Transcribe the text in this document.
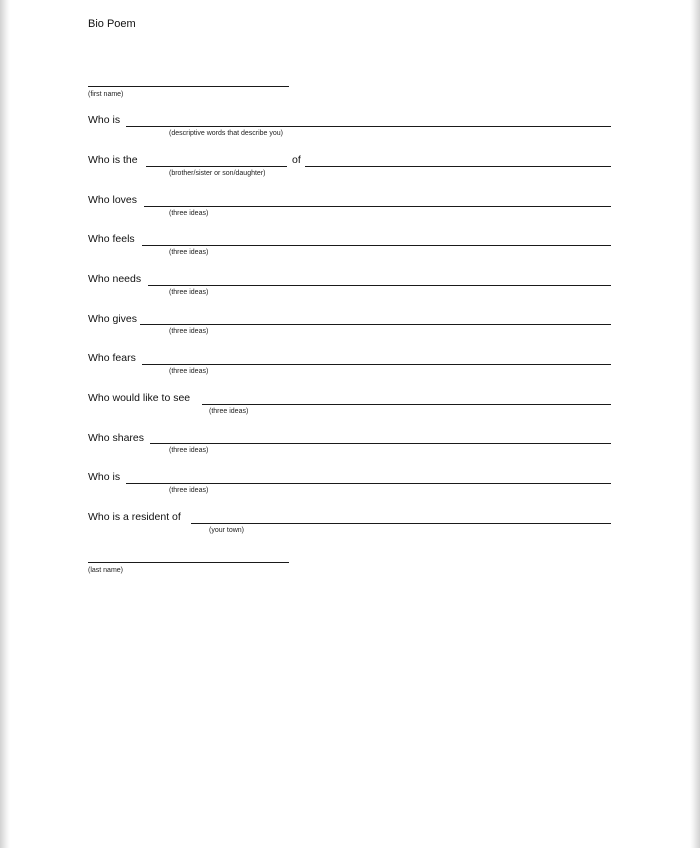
Bio Poem
(first name)
Who is
(descriptive words that describe you)
Who is the	of
(brother/sister or son/daughter)
Who loves
(three ideas)
Who feels
(three ideas)
Who needs
(three ideas)
Who gives
(three ideas)
Who fears
(three ideas)
Who would like to see
(three ideas)
Who shares
(three ideas)
Who is
(three ideas)
Who is a resident of
(your town)
(last name)
